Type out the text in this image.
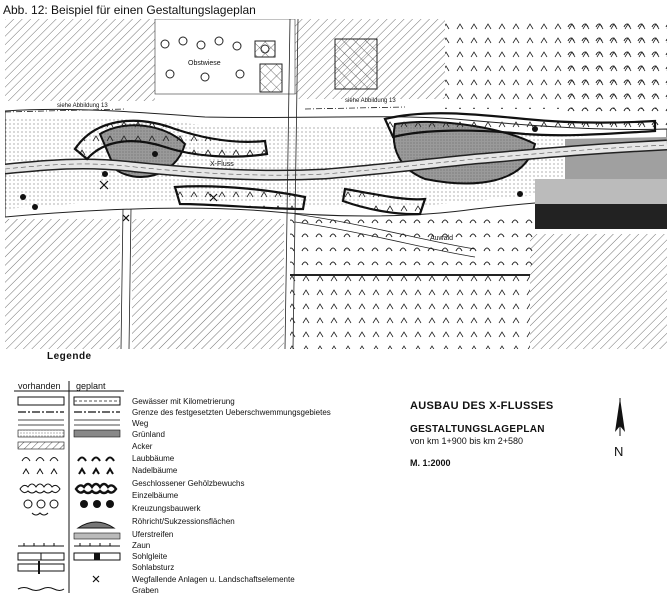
Abb. 12: Beispiel für einen Gestaltungslageplan
Obstwiese
X-Fluss
Auwald
siehe Abbildung 13
siehe Abbildung 13
Legende
vorhanden geplant
Gewässer mit Kilometrierung
Grenze des festgesetzten Ueberschwemmungsgebietes
Weg
Grünland
Acker
Laubbäume
Nadelbäume
Geschlossener Gehölzbewuchs
Einzelbäume
Kreuzungsbauwerk
Röhricht/Sukzessionsflächen
Uferstreifen
Zaun
Sohlgleite
Sohlabsturz
Wegfallende Anlagen u. Landschaftselemente
Graben
AUSBAU DES X-FLUSSES
GESTALTUNGSLAGEPLAN
von km 1+900 bis km 2+580
M. 1:2000
N
